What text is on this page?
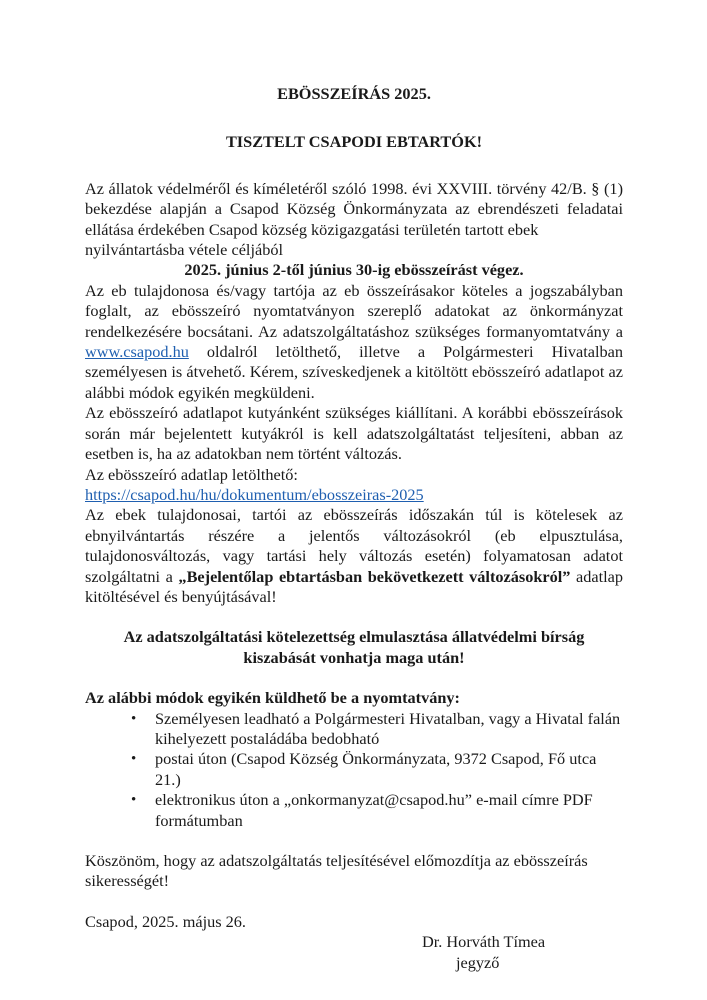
EBÖSSZEÍRÁS 2025.

TISZTELT CSAPODI EBTARTÓK!

Az állatok védelméről és kíméletéről szóló 1998. évi XXVIII. törvény 42/B. § (1) bekezdése alapján a Csapod Község Önkormányzata az ebrendészeti feladatai ellátása érdekében Csapod község közigazgatási területén tartott ebek

nyilvántartásba vétele céljából

2025. június 2-től június 30-ig ebösszeírást végez.

Az eb tulajdonosa és/vagy tartója az eb összeírásakor köteles a jogszabályban foglalt, az ebösszeíró nyomtatványon szereplő adatokat az önkormányzat rendelkezésére bocsátani. Az adatszolgáltatáshoz szükséges formanyomtatvány a www.csapod.hu oldalról letölthető, illetve a Polgármesteri Hivatalban személyesen is átvehető. Kérem, szíveskedjenek a kitöltött ebösszeíró adatlapot az alábbi módok egyikén megküldeni.

Az ebösszeíró adatlapot kutyánként szükséges kiállítani. A korábbi ebösszeírások során már bejelentett kutyákról is kell adatszolgáltatást teljesíteni, abban az esetben is, ha az adatokban nem történt változás.

Az ebösszeíró adatlap letölthető:

https://csapod.hu/hu/dokumentum/ebosszeiras-2025

Az ebek tulajdonosai, tartói az ebösszeírás időszakán túl is kötelesek az ebnyilvántartás részére a jelentős változásokról (eb elpusztulása, tulajdonosváltozás, vagy tartási hely változás esetén) folyamatosan adatot szolgáltatni a „Bejelentőlap ebtartásban bekövetkezett változásokról” adatlap kitöltésével és benyújtásával!

Az adatszolgáltatási kötelezettség elmulasztása állatvédelmi bírság

kiszabását vonhatja maga után!

Az alábbi módok egyikén küldhető be a nyomtatvány:

• Személyesen leadható a Polgármesteri Hivatalban, vagy a Hivatal falán kihelyezett postaládába bedobható
• postai úton (Csapod Község Önkormányzata, 9372 Csapod, Fő utca 21.)
• elektronikus úton a „onkormanyzat@csapod.hu” e-mail címre PDF formátumban

Köszönöm, hogy az adatszolgáltatás teljesítésével előmozdítja az ebösszeírás sikerességét!

Csapod, 2025. május 26.

Dr. Horváth Tímea

jegyző
